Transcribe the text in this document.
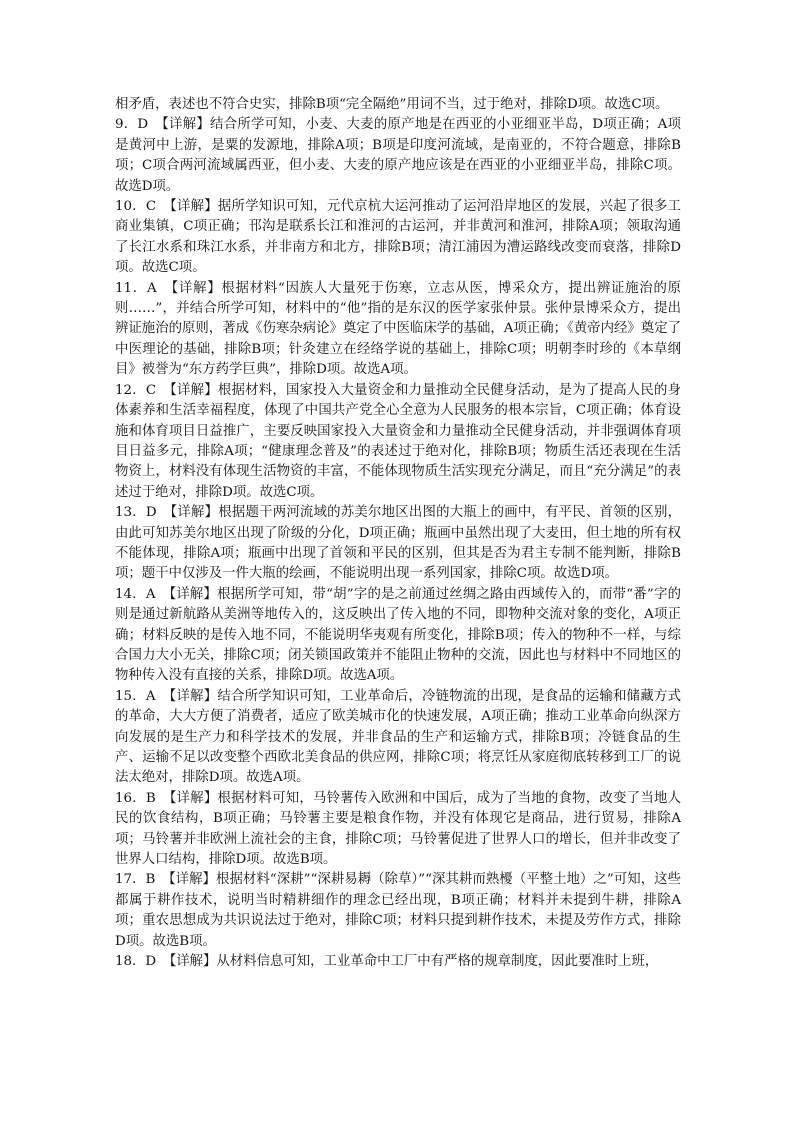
相矛盾，表述也不符合史实，排除B项“完全隔绝”用词不当，过于绝对，排除D项。故选C项。

9．D　【详解】结合所学可知，小麦、大麦的原产地是在西亚的小亚细亚半岛，D项正确；A项是黄河中上游，是粟的发源地，排除A项；B项是印度河流域，是南亚的，不符合题意，排除B项；C项合两河流域属西亚，但小麦、大麦的原产地应该是在西亚的小亚细亚半岛，排除C项。故选D项。

10．C　【详解】据所学知识可知，元代京杭大运河推动了运河沿岸地区的发展，兴起了很多工商业集镇，C项正确；邗沟是联系长江和淮河的古运河，并非黄河和淮河，排除A项；领取沟通了长江水系和珠江水系，并非南方和北方，排除B项；清江浦因为漕运路线改变而衰落，排除D项。故选C项。

11．A　【详解】根据材料“因族人大量死于伤寒，立志从医，博采众方，提出辨证施治的原则……”，并结合所学可知，材料中的“他”指的是东汉的医学家张仲景。张仲景博采众方，提出辨证施治的原则，著成《伤寒杂病论》奠定了中医临床学的基础，A项正确；《黄帝内经》奠定了中医理论的基础，排除B项；针灸建立在经络学说的基础上，排除C项；明朝李时珍的《本草纲目》被誉为“东方药学巨典”，排除D项。故选A项。

12．C　【详解】根据材料，国家投入大量资金和力量推动全民健身活动，是为了提高人民的身体素养和生活幸福程度，体现了中国共产党全心全意为人民服务的根本宗旨，C项正确；体育设施和体育项目日益推广，主要反映国家投入大量资金和力量推动全民健身活动，并非强调体育项目日益多元，排除A项；“健康理念普及”的表述过于绝对化，排除B项；物质生活还表现在生活物资上，材料没有体现生活物资的丰富，不能体现物质生活实现充分满足，而且“充分满足”的表述过于绝对，排除D项。故选C项。

13．D　【详解】根据题干两河流域的苏美尔地区出图的大瓶上的画中，有平民、首领的区别，由此可知苏美尔地区出现了阶级的分化，D项正确；瓶画中虽然出现了大麦田，但土地的所有权不能体现，排除A项；瓶画中出现了首领和平民的区别，但其是否为君主专制不能判断，排除B项；题干中仅涉及一件大瓶的绘画，不能说明出现一系列国家，排除C项。故选D项。

14．A　【详解】根据所学可知，带“胡”字的是之前通过丝绸之路由西域传入的，而带“番”字的则是通过新航路从美洲等地传入的，这反映出了传入地的不同，即物种交流对象的变化，A项正确；材料反映的是传入地不同，不能说明华夷观有所变化，排除B项；传入的物种不一样，与综合国力大小无关，排除C项；闭关锁国政策并不能阻止物种的交流，因此也与材料中不同地区的物种传入没有直接的关系，排除D项。故选A项。

15．A　【详解】结合所学知识可知，工业革命后，冷链物流的出现，是食品的运输和储藏方式的革命，大大方便了消费者，适应了欧美城市化的快速发展，A项正确；推动工业革命向纵深方向发展的是生产力和科学技术的发展，并非食品的生产和运输方式，排除B项；冷链食品的生产、运输不足以改变整个西欧北美食品的供应网，排除C项；将烹饪从家庭彻底转移到工厂的说法太绝对，排除D项。故选A项。

16．B　【详解】根据材料可知，马铃薯传入欧洲和中国后，成为了当地的食物，改变了当地人民的饮食结构，B项正确；马铃薯主要是粮食作物，并没有体现它是商品，进行贸易，排除A项；马铃薯并非欧洲上流社会的主食，排除C项；马铃薯促进了世界人口的增长，但并非改变了世界人口结构，排除D项。故选B项。

17．B　【详解】根据材料“深耕”“深耕易耨（除草）”“深其耕而熟櫌（平整土地）之”可知，这些都属于耕作技术，说明当时精耕细作的理念已经出现，B项正确；材料并未提到牛耕，排除A项；重农思想成为共识说法过于绝对，排除C项；材料只提到耕作技术，未提及劳作方式，排除D项。故选B项。

18．D　【详解】从材料信息可知，工业革命中工厂中有严格的规章制度，因此要准时上班，
